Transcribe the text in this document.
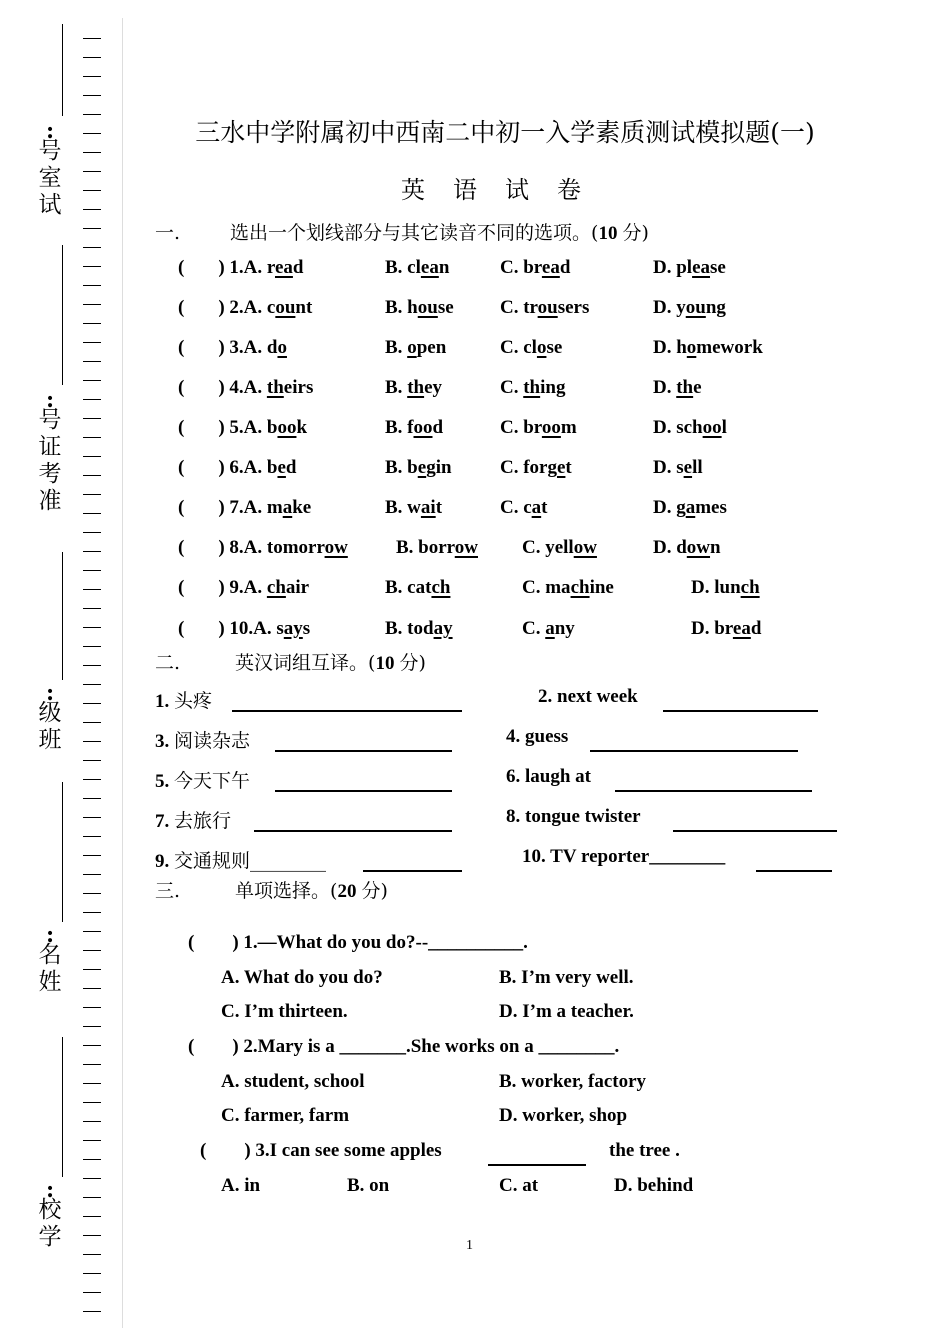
:
号
室
试
:
号
证
考
准
:
级
班
:
名
姓
:
校
学
三水中学附属初中西南二中初一入学素质测试模拟题(一)
英语试卷
一.	选出一个划线部分与其它读音不同的选项。(10 分)
( ) 1.A. read	B. clean	C. bread	D. please
( ) 2.A. count	B. house C. trousers	D. young
( ) 3.A. do	B. open	C. close	D. homework
( ) 4.A. theirs	B. they	C. thing	D. the
( ) 5.A. book	B. food	C. broom	D. school
( ) 6.A. bed	B. begin	C. forget	D. sell
( ) 7.A. make	B. wait	C. cat	D. games
( ) 8.A. tomorrow	B. borrow C. yellow	D. down
( ) 9.A. chair	B. catch	C. machine	D. lunch
( ) 10.A. says	B. today	C. any	D. bread
二.	英汉词组互译。(10 分)
1. 头疼	2. next week
3. 阅读杂志	4. guess
5. 今天下午	6. laugh at
7. 去旅行	8. tongue twister
9. 交通规则________	10. TV reporter________
三.	单项选择。(20 分)
( ) 1.—What do you do?--__________.
A. What do you do?	B. I’m very well.
C. I’m thirteen.	D. I’m a teacher.
( ) 2.Mary is a _______.She works on a ________.
A. student, school	B. worker, factory
C. farmer, farm	D. worker, shop
( ) 3.I can see some apples	the tree .
A. in	B. on	C. at	D. behind
1
